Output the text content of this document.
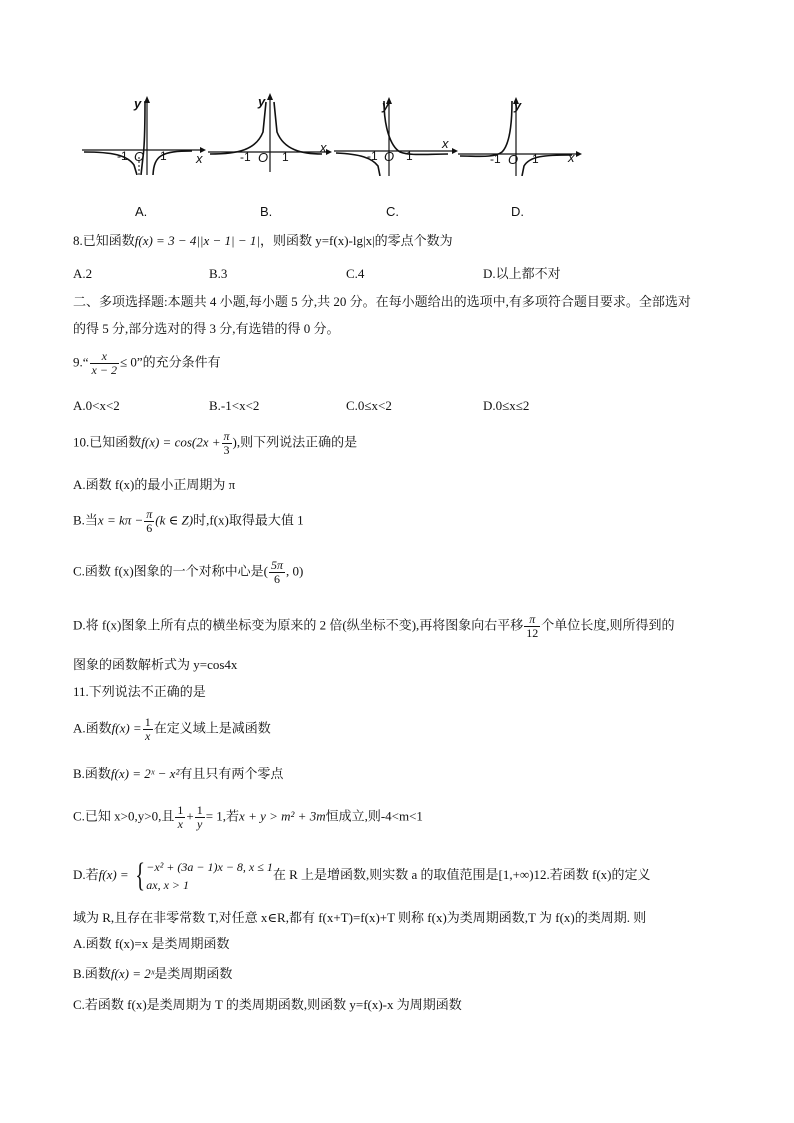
y
x
-1 O 1
A.
y
x
-1 O 1
B.
y
x
-1 O 1
C.
y
x
-1 O 1
D.
8.已知函数f(x) = 3 − 4||x − 1| − 1|，则函数 y=f(x)-lg|x|的零点个数为
A.2	B.3	C.4	D.以上都不对
二、多项选择题:本题共 4 小题,每小题 5 分,共 20 分。在每小题给出的选项中,有多项符合题目要求。全部选对
的得 5 分,部分选对的得 3 分,有选错的得 0 分。
9.“ $\frac{x}{x - 2} \le 0$”的充分条件有
A.0<x<2	B.-1<x<2	C.0≤x<2	D.0≤x≤2
10.已知函数$f(x) = \cos(2x + \frac{\pi}{3}$ ),则下列说法正确的是
A.函数 f(x)的最小正周期为 π
B.当$x = k\pi - \frac{\pi}{6} (k$ ∈ Z)时,f(x)取得最大值 1
C.函数 f(x)图象的一个对称中心是( $\frac{5\pi}{6}$ , 0)
D.将 f(x)图象上所有点的横坐标变为原来的 2 倍(纵坐标不变),再将图象向右平移 $\frac{\pi}{12}$ 个单位长度,则所得到的
图象的函数解析式为 y=cos4x
11.下列说法不正确的是
A.函数$f(x) = \frac{1}{x}$ 在定义域上是减函数
B.函数f(x) = 2ˣ − x²有且只有两个零点
C.已知 x>0,y>0,且 $\frac{1}{x} + \frac{1}{y} = 1$,若x + y > m² + 3m恒成立,则-4<m<1
D.若f(x) = { −x² + (3a − 1)x − 8, x ≤ 1
ax, x > 1
在 R 上是增函数,则实数 a 的取值范围是[1,+∞)12.若函数 f(x)的定义
域为 R,且存在非零常数 T,对任意 x∈R,都有 f(x+T)=f(x)+T 则称 f(x)为类周期函数,T 为 f(x)的类周期. 则
A.函数 f(x)=x 是类周期函数
B.函数f(x) = 2ˣ是类周期函数
C.若函数 f(x)是类周期为 T 的类周期函数,则函数 y=f(x)-x 为周期函数
